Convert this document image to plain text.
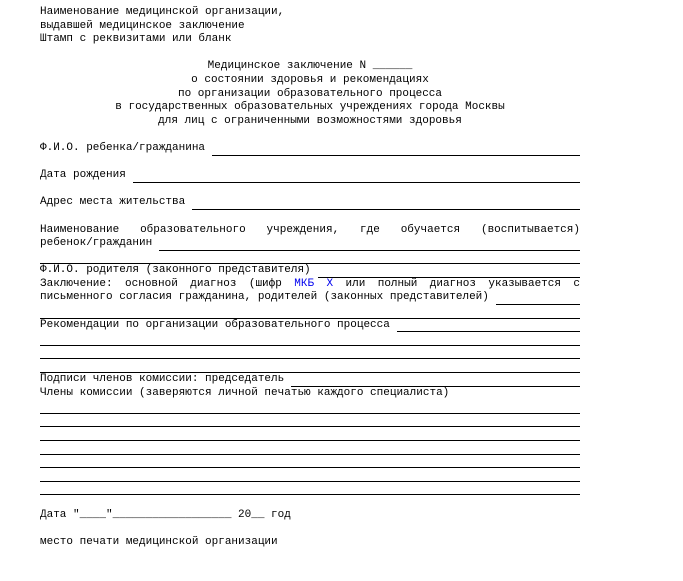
Наименование медицинской организации,
выдавшей медицинское заключение
Штамп с реквизитами или бланк
Медицинское заключение N ______
о состоянии здоровья и рекомендациях
по организации образовательного процесса
в государственных образовательных учреждениях города Москвы
для лиц с ограниченными возможностями здоровья
Ф.И.О. ребенка/гражданина
Дата рождения
Адрес места жительства
Наименование образовательного учреждения, где обучается (воспитывается)
ребенок/гражданин
Ф.И.О. родителя (законного представителя)
Заключение: основной диагноз (шифр МКБ X или полный диагноз указывается с
письменного согласия гражданина, родителей (законных представителей)
Рекомендации по организации образовательного процесса
Подписи членов комиссии: председатель
Члены комиссии (заверяются личной печатью каждого специалиста)
Дата "____"__________________ 20__ год
место печати медицинской организации
